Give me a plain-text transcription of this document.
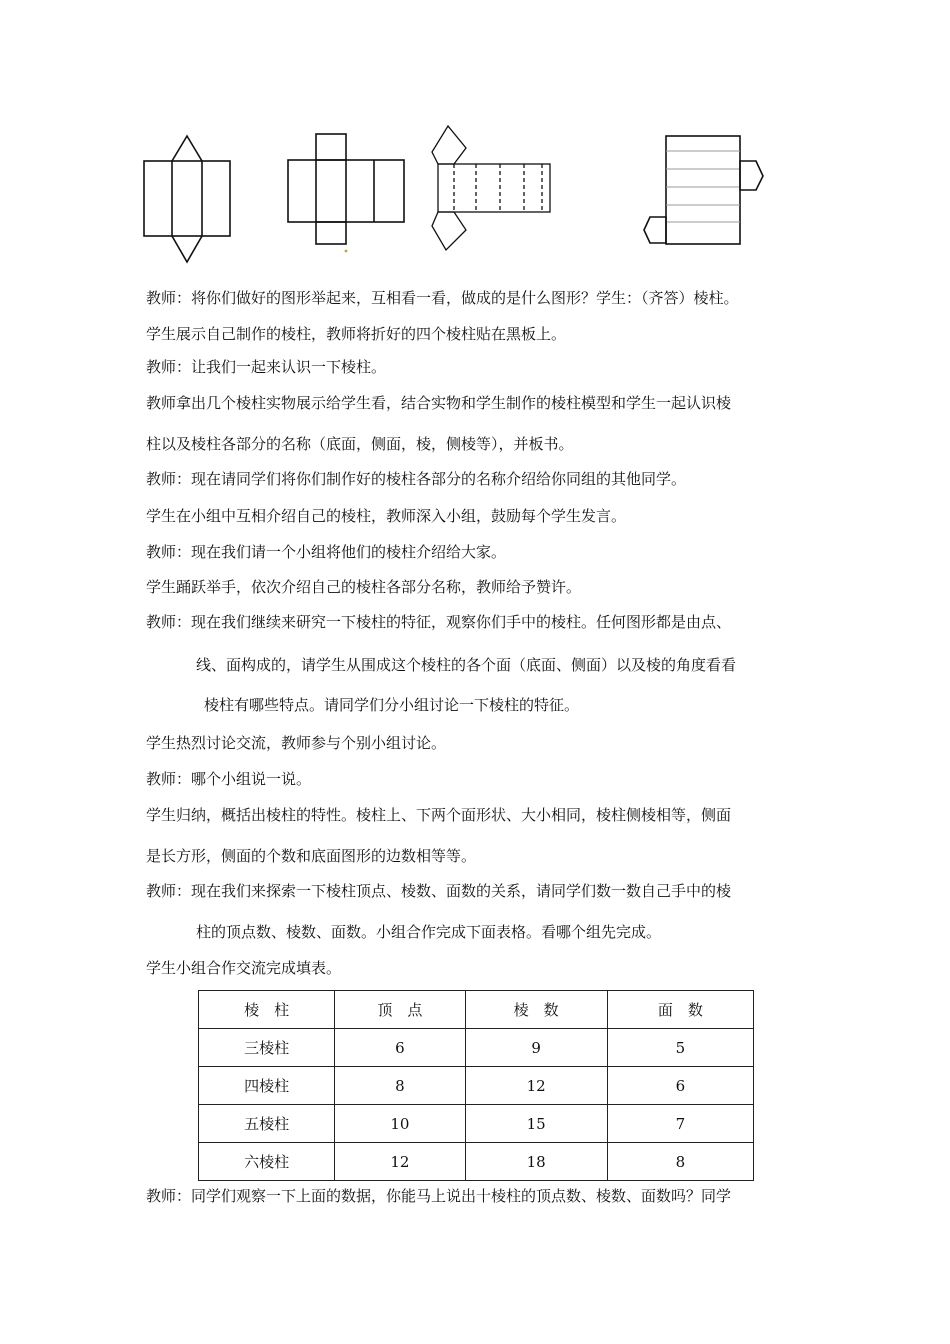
教师：将你们做好的图形举起来，互相看一看，做成的是什么图形？学生：（齐答）棱柱。

学生展示自己制作的棱柱，教师将折好的四个棱柱贴在黑板上。

教师：让我们一起来认识一下棱柱。

教师拿出几个棱柱实物展示给学生看，结合实物和学生制作的棱柱模型和学生一起认识棱

柱以及棱柱各部分的名称（底面，侧面，棱，侧棱等），并板书。

教师：现在请同学们将你们制作好的棱柱各部分的名称介绍给你同组的其他同学。

学生在小组中互相介绍自己的棱柱，教师深入小组，鼓励每个学生发言。

教师：现在我们请一个小组将他们的棱柱介绍给大家。

学生踊跃举手，依次介绍自己的棱柱各部分名称，教师给予赞许。

教师：现在我们继续来研究一下棱柱的特征，观察你们手中的棱柱。任何图形都是由点、

线、面构成的，请学生从围成这个棱柱的各个面（底面、侧面）以及棱的角度看看

棱柱有哪些特点。请同学们分小组讨论一下棱柱的特征。

学生热烈讨论交流，教师参与个别小组讨论。

教师：哪个小组说一说。

学生归纳，概括出棱柱的特性。棱柱上、下两个面形状、大小相同，棱柱侧棱相等，侧面

是长方形，侧面的个数和底面图形的边数相等等。

教师：现在我们来探索一下棱柱顶点、棱数、面数的关系，请同学们数一数自己手中的棱

柱的顶点数、棱数、面数。小组合作完成下面表格。看哪个组先完成。

学生小组合作交流完成填表。

棱　柱	顶　点	棱　数	面　数
三棱柱	6	9	5
四棱柱	8	12	6
五棱柱	10	15	7
六棱柱	12	18	8

教师：同学们观察一下上面的数据，你能马上说出十棱柱的顶点数、棱数、面数吗？同学
